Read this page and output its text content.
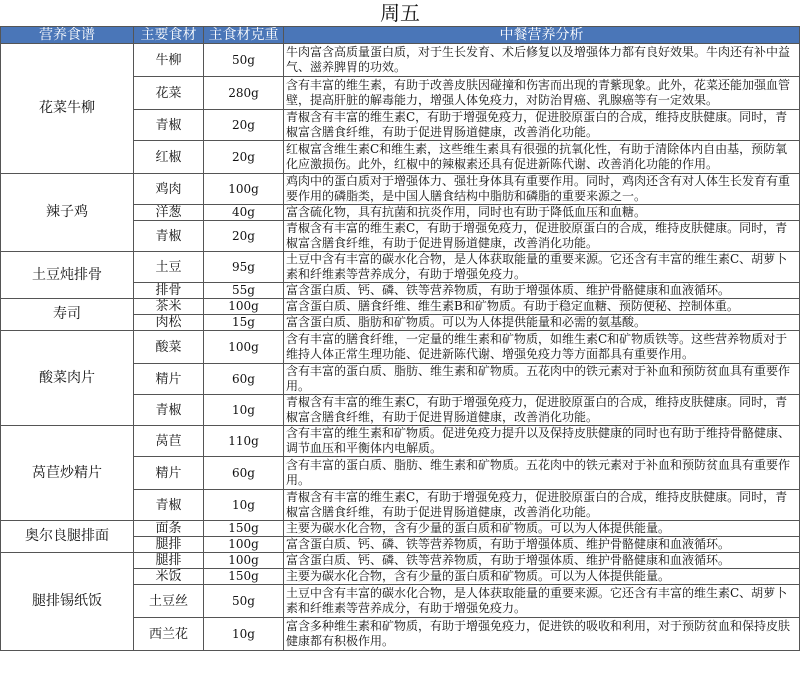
周五
营养食谱	主要食材	主食材克重	中餐营养分析
花菜牛柳	牛柳	50g	牛肉富含高质量蛋白质，对于生长发育、术后修复以及增强体力都有良好效果。牛肉还有补中益气、滋养脾胃的功效。
	花菜	280g	含有丰富的维生素，有助于改善皮肤因碰撞和伤害而出现的青紫现象。此外，花菜还能加强血管壁，提高肝脏的解毒能力，增强人体免疫力，对防治胃癌、乳腺癌等有一定效果。
	青椒	20g	青椒含有丰富的维生素C，有助于增强免疫力，促进胶原蛋白的合成，维持皮肤健康。同时，青椒富含膳食纤维，有助于促进胃肠道健康，改善消化功能。
	红椒	20g	红椒富含维生素C和维生素，这些维生素具有很强的抗氧化性，有助于清除体内自由基，预防氧化应激损伤。此外，红椒中的辣椒素还具有促进新陈代谢、改善消化功能的作用。
辣子鸡	鸡肉	100g	鸡肉中的蛋白质对于增强体力、强壮身体具有重要作用。同时，鸡肉还含有对人体生长发育有重要作用的磷脂类，是中国人膳食结构中脂肪和磷脂的重要来源之一。
	洋葱	40g	富含硫化物，具有抗菌和抗炎作用，同时也有助于降低血压和血糖。
	青椒	20g	青椒含有丰富的维生素C，有助于增强免疫力，促进胶原蛋白的合成，维持皮肤健康。同时，青椒富含膳食纤维，有助于促进胃肠道健康，改善消化功能。
土豆炖排骨	土豆	95g	土豆中含有丰富的碳水化合物，是人体获取能量的重要来源。它还含有丰富的维生素C、胡萝卜素和纤维素等营养成分，有助于增强免疫力。
	排骨	55g	富含蛋白质、钙、磷、铁等营养物质，有助于增强体质、维护骨骼健康和血液循环。
寿司	茶米	100g	富含蛋白质、膳食纤维、维生素B和矿物质。有助于稳定血糖、预防便秘、控制体重。
	肉松	15g	富含蛋白质、脂肪和矿物质。可以为人体提供能量和必需的氨基酸。
酸菜肉片	酸菜	100g	含有丰富的膳食纤维，一定量的维生素和矿物质，如维生素C和矿物质铁等。这些营养物质对于维持人体正常生理功能、促进新陈代谢、增强免疫力等方面都具有重要作用。
	精片	60g	含有丰富的蛋白质、脂肪、维生素和矿物质。五花肉中的铁元素对于补血和预防贫血具有重要作用。
	青椒	10g	青椒含有丰富的维生素C，有助于增强免疫力，促进胶原蛋白的合成，维持皮肤健康。同时，青椒富含膳食纤维，有助于促进胃肠道健康，改善消化功能。
莴苣炒精片	莴苣	110g	含有丰富的维生素和矿物质。促进免疫力提升以及保持皮肤健康的同时也有助于维持骨骼健康、调节血压和平衡体内电解质。
	精片	60g	含有丰富的蛋白质、脂肪、维生素和矿物质。五花肉中的铁元素对于补血和预防贫血具有重要作用。
	青椒	10g	青椒含有丰富的维生素C，有助于增强免疫力，促进胶原蛋白的合成，维持皮肤健康。同时，青椒富含膳食纤维，有助于促进胃肠道健康，改善消化功能。
奥尔良腿排面	面条	150g	主要为碳水化合物，含有少量的蛋白质和矿物质。可以为人体提供能量。
	腿排	100g	富含蛋白质、钙、磷、铁等营养物质，有助于增强体质、维护骨骼健康和血液循环。
腿排锡纸饭	腿排	100g	富含蛋白质、钙、磷、铁等营养物质，有助于增强体质、维护骨骼健康和血液循环。
	米饭	150g	主要为碳水化合物，含有少量的蛋白质和矿物质。可以为人体提供能量。
	土豆丝	50g	土豆中含有丰富的碳水化合物，是人体获取能量的重要来源。它还含有丰富的维生素C、胡萝卜素和纤维素等营养成分，有助于增强免疫力。
	西兰花	10g	富含多种维生素和矿物质，有助于增强免疫力，促进铁的吸收和利用，对于预防贫血和保持皮肤健康都有积极作用。
